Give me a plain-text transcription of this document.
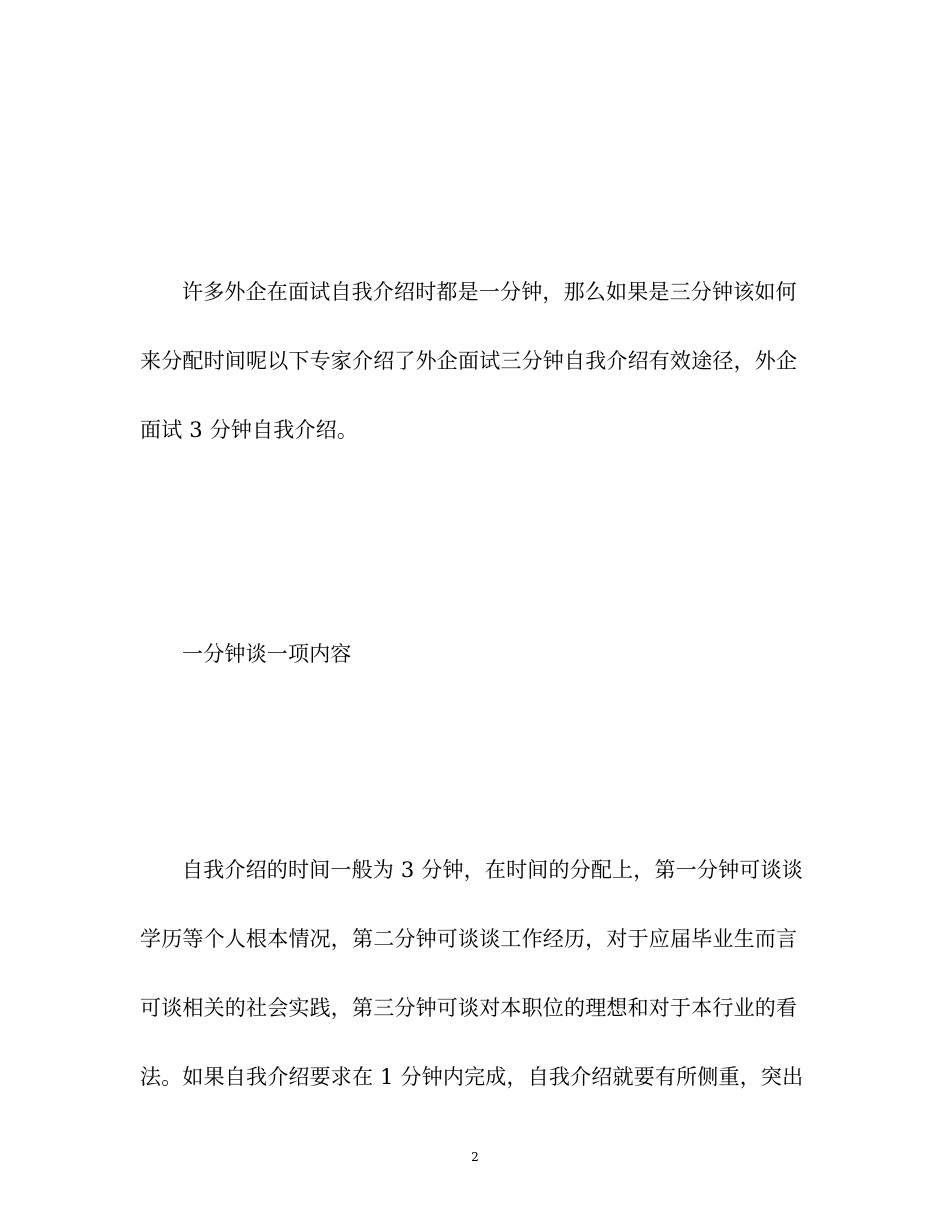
许多外企在面试自我介绍时都是一分钟，那么如果是三分钟该如何
来分配时间呢以下专家介绍了外企面试三分钟自我介绍有效途径，外企
面试 3 分钟自我介绍。
一分钟谈一项内容
自我介绍的时间一般为 3 分钟，在时间的分配上，第一分钟可谈谈
学历等个人根本情况，第二分钟可谈谈工作经历，对于应届毕业生而言
可谈相关的社会实践，第三分钟可谈对本职位的理想和对于本行业的看
法。如果自我介绍要求在 1 分钟内完成，自我介绍就要有所侧重，突出
2
